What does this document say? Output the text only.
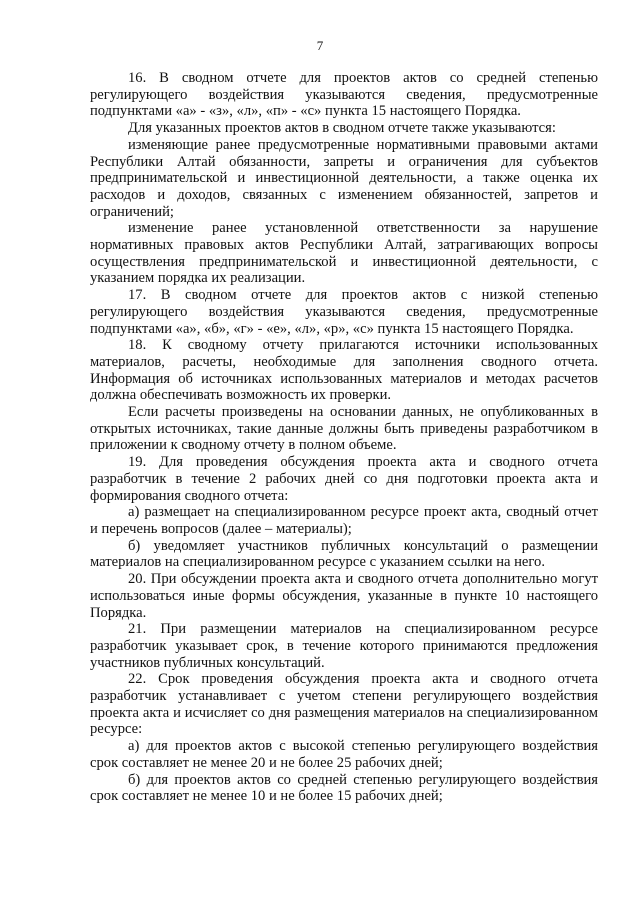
7

16. В сводном отчете для проектов актов со средней степенью регулирующего воздействия указываются сведения, предусмотренные подпунктами «а» - «з», «л», «п» - «с» пункта 15 настоящего Порядка.

Для указанных проектов актов в сводном отчете также указываются:

изменяющие ранее предусмотренные нормативными правовыми актами Республики Алтай обязанности, запреты и ограничения для субъектов предпринимательской и инвестиционной деятельности, а также оценка их расходов и доходов, связанных с изменением обязанностей, запретов и ограничений;

изменение ранее установленной ответственности за нарушение нормативных правовых актов Республики Алтай, затрагивающих вопросы осуществления предпринимательской и инвестиционной деятельности, с указанием порядка их реализации.

17. В сводном отчете для проектов актов с низкой степенью регулирующего воздействия указываются сведения, предусмотренные подпунктами «а», «б», «г» - «е», «л», «р», «с» пункта 15 настоящего Порядка.

18. К сводному отчету прилагаются источники использованных материалов, расчеты, необходимые для заполнения сводного отчета. Информация об источниках использованных материалов и методах расчетов должна обеспечивать возможность их проверки.

Если расчеты произведены на основании данных, не опубликованных в открытых источниках, такие данные должны быть приведены разработчиком в приложении к сводному отчету в полном объеме.

19. Для проведения обсуждения проекта акта и сводного отчета разработчик в течение 2 рабочих дней со дня подготовки проекта акта и формирования сводного отчета:

а) размещает на специализированном ресурсе проект акта, сводный отчет и перечень вопросов (далее – материалы);

б) уведомляет участников публичных консультаций о размещении материалов на специализированном ресурсе с указанием ссылки на него.

20. При обсуждении проекта акта и сводного отчета дополнительно могут использоваться иные формы обсуждения, указанные в пункте 10 настоящего Порядка.

21. При размещении материалов на специализированном ресурсе разработчик указывает срок, в течение которого принимаются предложения участников публичных консультаций.

22. Срок проведения обсуждения проекта акта и сводного отчета разработчик устанавливает с учетом степени регулирующего воздействия проекта акта и исчисляет со дня размещения материалов на специализированном ресурсе:

а) для проектов актов с высокой степенью регулирующего воздействия срок составляет не менее 20 и не более 25 рабочих дней;

б) для проектов актов со средней степенью регулирующего воздействия срок составляет не менее 10 и не более 15 рабочих дней;
